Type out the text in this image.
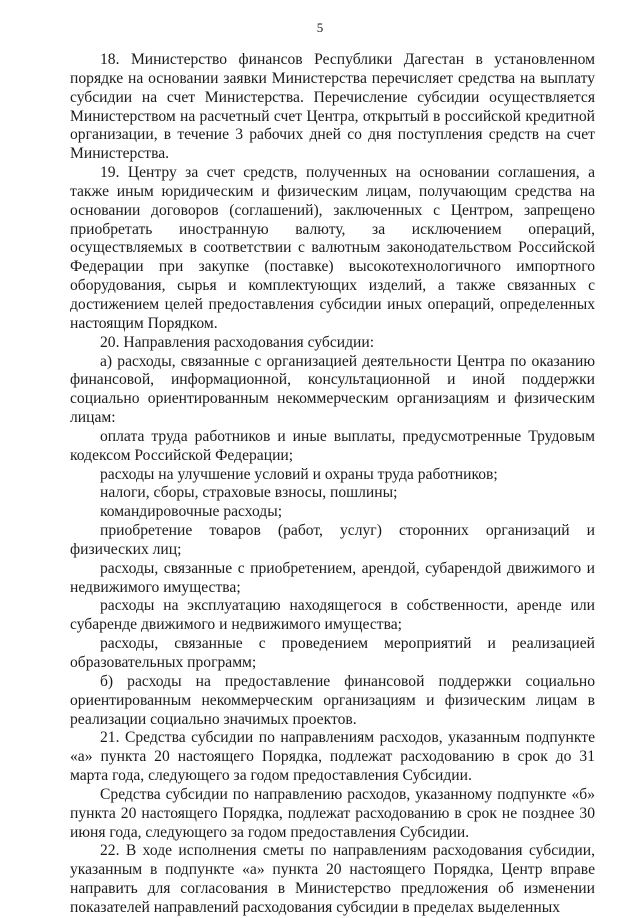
5

18. Министерство финансов Республики Дагестан в установленном порядке на основании заявки Министерства перечисляет средства на выплату субсидии на счет Министерства. Перечисление субсидии осуществляется Министерством на расчетный счет Центра, открытый в российской кредитной организации, в течение 3 рабочих дней со дня поступления средств на счет Министерства.

19. Центру за счет средств, полученных на основании соглашения, а также иным юридическим и физическим лицам, получающим средства на основании договоров (соглашений), заключенных с Центром, запрещено приобретать иностранную валюту, за исключением операций, осуществляемых в соответствии с валютным законодательством Российской Федерации при закупке (поставке) высокотехнологичного импортного оборудования, сырья и комплектующих изделий, а также связанных с достижением целей предоставления субсидии иных операций, определенных настоящим Порядком.

20. Направления расходования субсидии:

а) расходы, связанные с организацией деятельности Центра по оказанию финансовой, информационной, консультационной и иной поддержки социально ориентированным некоммерческим организациям и физическим лицам:

оплата труда работников и иные выплаты, предусмотренные Трудовым кодексом Российской Федерации;

расходы на улучшение условий и охраны труда работников;

налоги, сборы, страховые взносы, пошлины;

командировочные расходы;

приобретение товаров (работ, услуг) сторонних организаций и физических лиц;

расходы, связанные с приобретением, арендой, субарендой движимого и недвижимого имущества;

расходы на эксплуатацию находящегося в собственности, аренде или субаренде движимого и недвижимого имущества;

расходы, связанные с проведением мероприятий и реализацией образовательных программ;

б) расходы на предоставление финансовой поддержки социально ориентированным некоммерческим организациям и физическим лицам в реализации социально значимых проектов.

21. Средства субсидии по направлениям расходов, указанным подпункте «а» пункта 20 настоящего Порядка, подлежат расходованию в срок до 31 марта года, следующего за годом предоставления Субсидии.

Средства субсидии по направлению расходов, указанному подпункте «б» пункта 20 настоящего Порядка, подлежат расходованию в срок не позднее 30 июня года, следующего за годом предоставления Субсидии.

22. В ходе исполнения сметы по направлениям расходования субсидии, указанным в подпункте «а» пункта 20 настоящего Порядка, Центр вправе направить для согласования в Министерство предложения об изменении показателей направлений расходования субсидии в пределах выделенных
